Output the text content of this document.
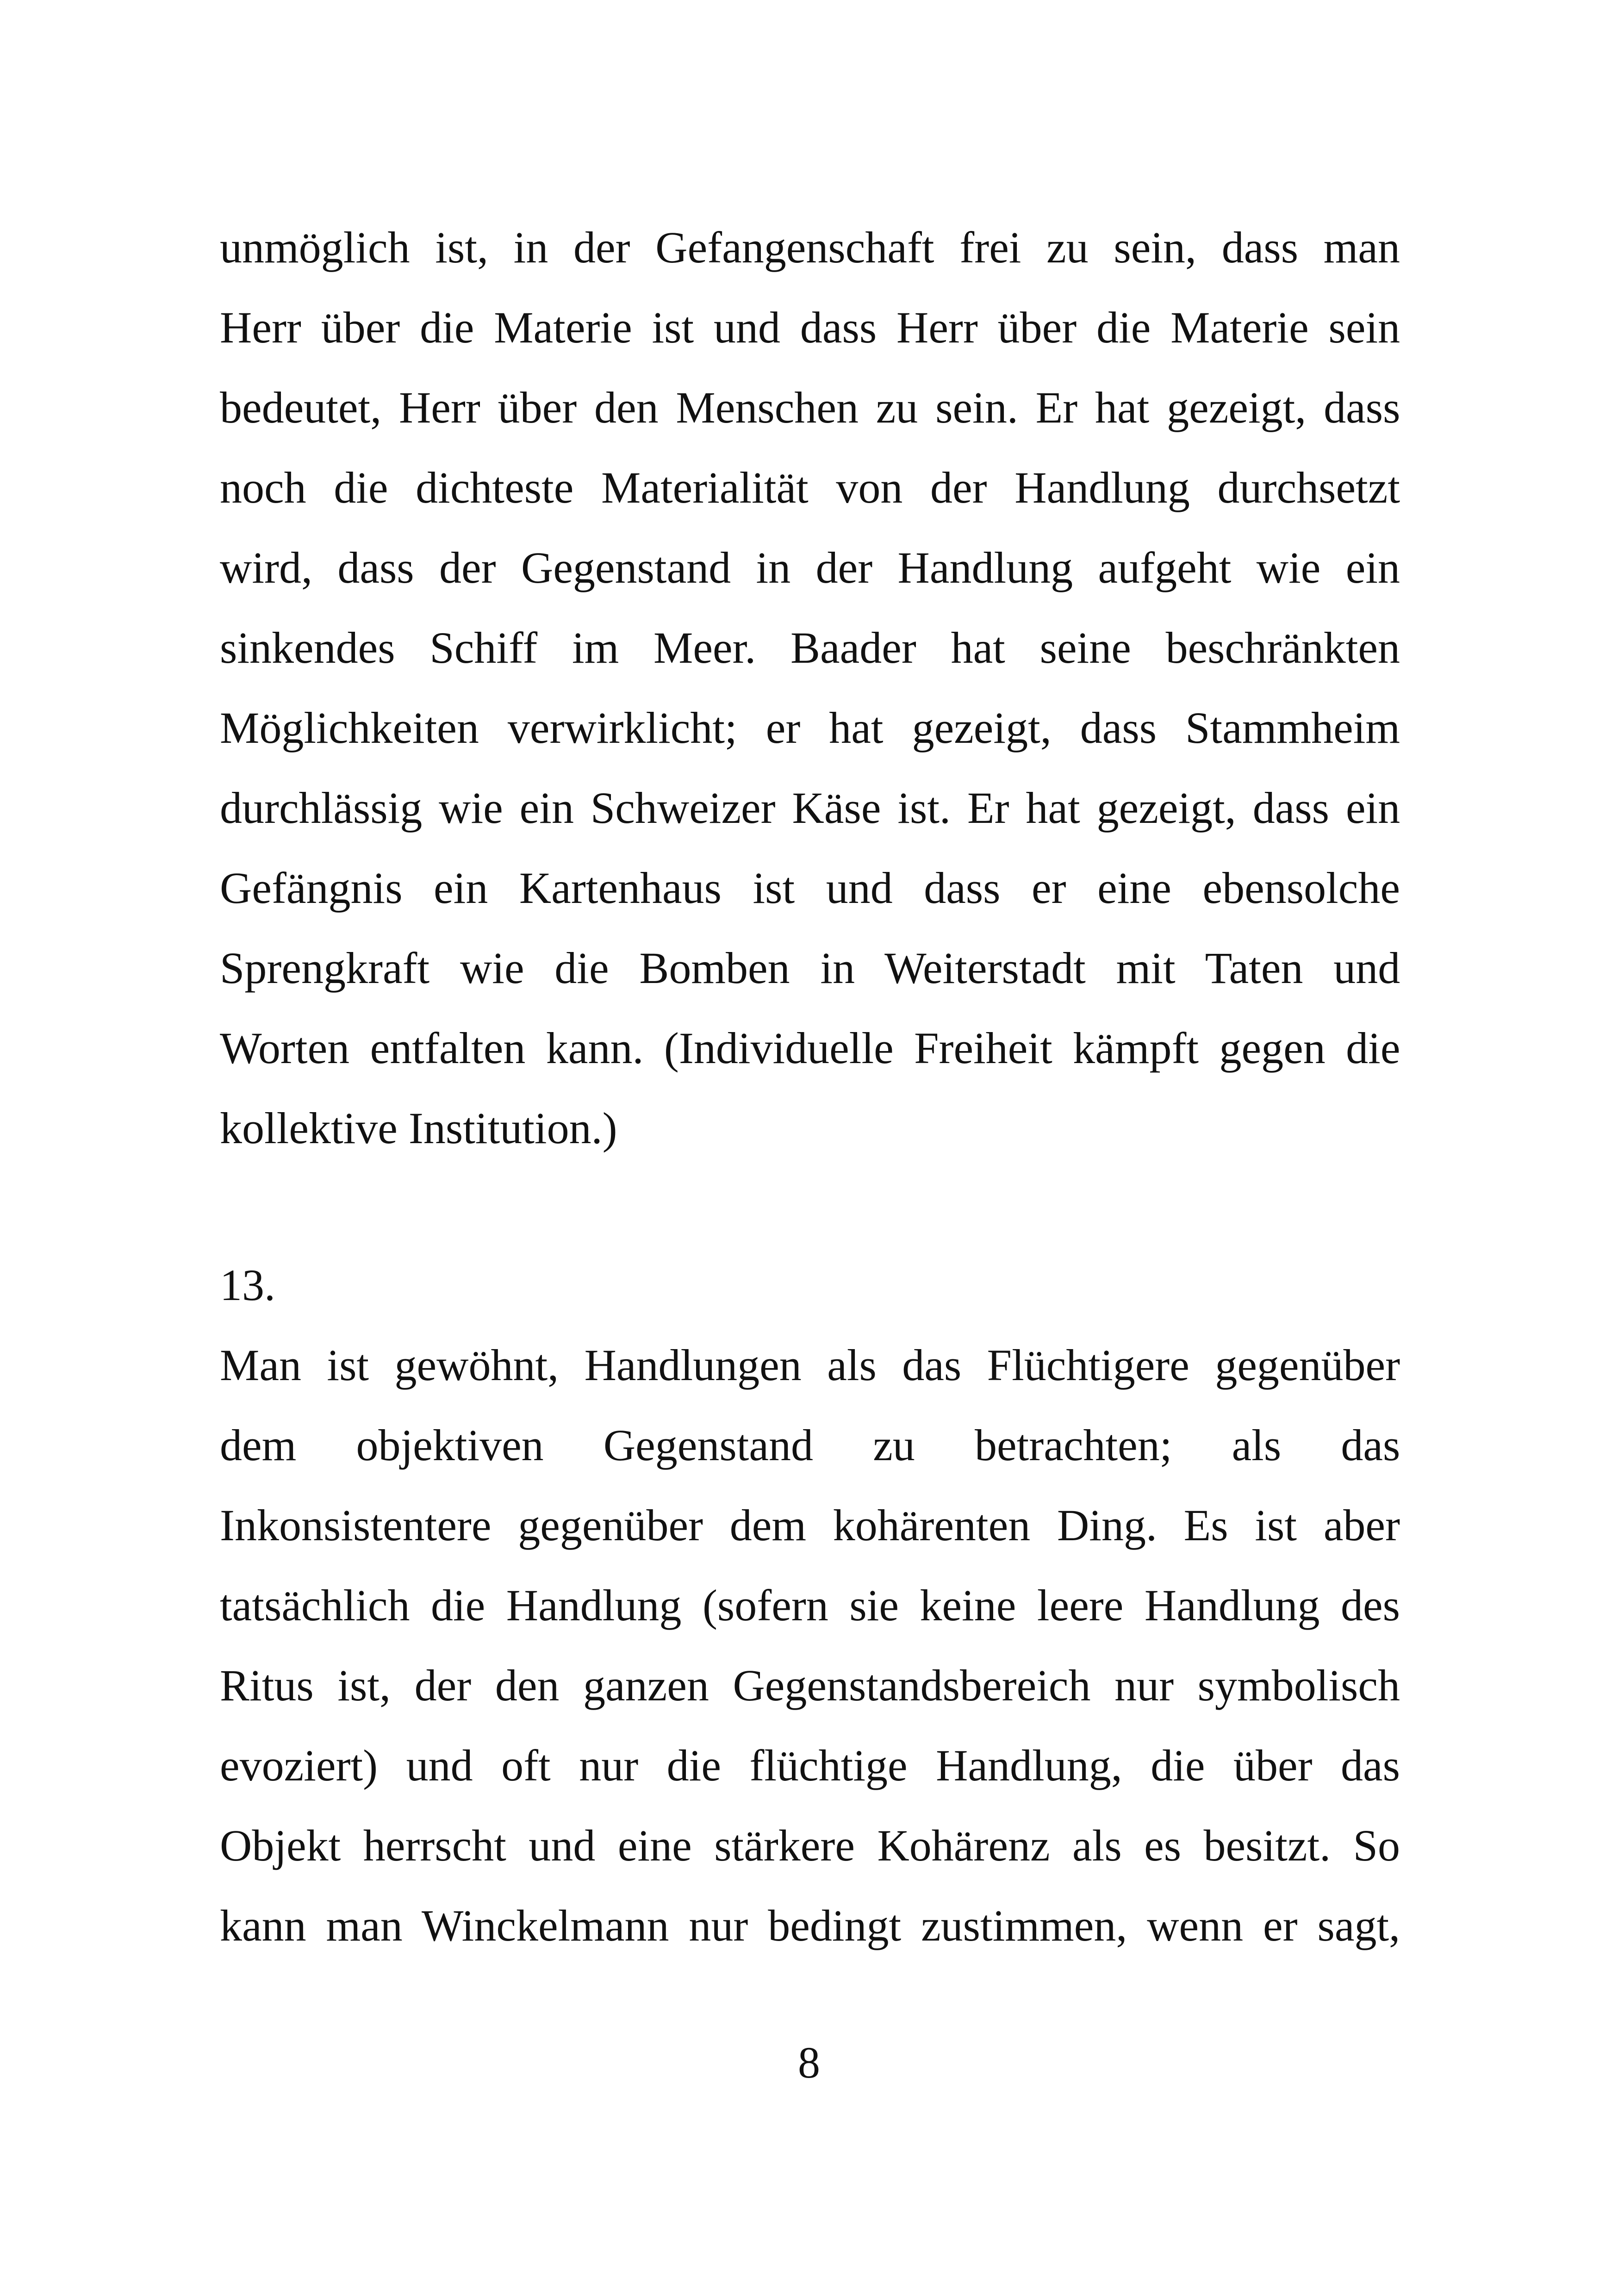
unmöglich ist, in der Gefangenschaft frei zu sein, dass man
Herr über die Materie ist und dass Herr über die Materie sein
bedeutet, Herr über den Menschen zu sein. Er hat gezeigt, dass
noch die dichteste Materialität von der Handlung durchsetzt
wird, dass der Gegenstand in der Handlung aufgeht wie ein
sinkendes Schiff im Meer. Baader hat seine beschränkten
Möglichkeiten verwirklicht; er hat gezeigt, dass Stammheim
durchlässig wie ein Schweizer Käse ist. Er hat gezeigt, dass ein
Gefängnis ein Kartenhaus ist und dass er eine ebensolche
Sprengkraft wie die Bomben in Weiterstadt mit Taten und
Worten entfalten kann. (Individuelle Freiheit kämpft gegen die
kollektive Institution.)
13.
Man ist gewöhnt, Handlungen als das Flüchtigere gegenüber
dem objektiven Gegenstand zu betrachten; als das
Inkonsistentere gegenüber dem kohärenten Ding. Es ist aber
tatsächlich die Handlung (sofern sie keine leere Handlung des
Ritus ist, der den ganzen Gegenstandsbereich nur symbolisch
evoziert) und oft nur die flüchtige Handlung, die über das
Objekt herrscht und eine stärkere Kohärenz als es besitzt. So
kann man Winckelmann nur bedingt zustimmen, wenn er sagt,
8
